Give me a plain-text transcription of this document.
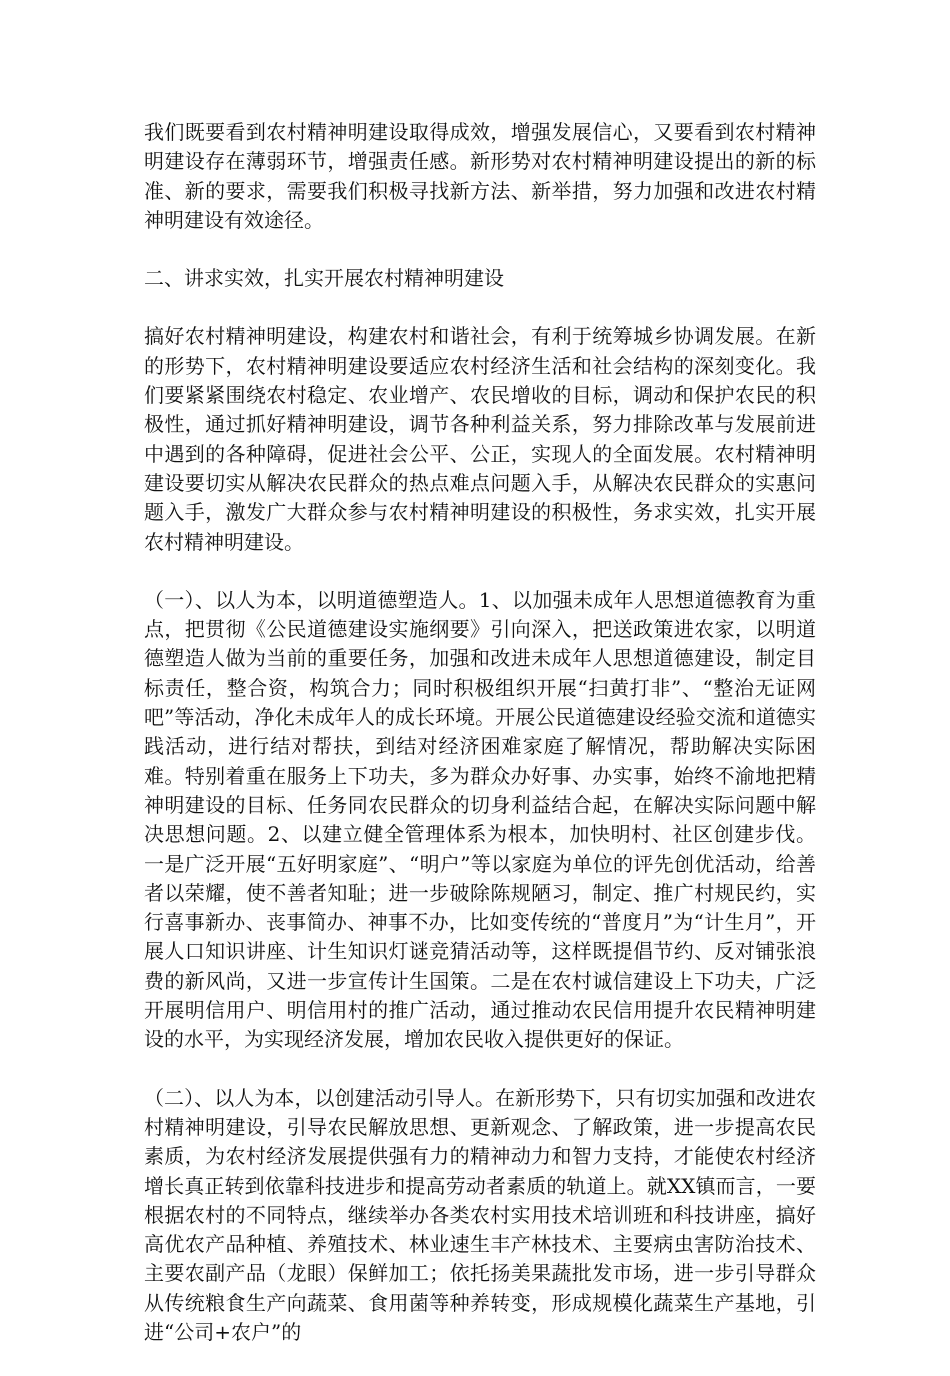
我们既要看到农村精神明建设取得成效，增强发展信心，又要看到农村精神明建设存在薄弱环节，增强责任感。新形势对农村精神明建设提出的新的标准、新的要求，需要我们积极寻找新方法、新举措，努力加强和改进农村精神明建设有效途径。

二、讲求实效，扎实开展农村精神明建设

搞好农村精神明建设，构建农村和谐社会，有利于统筹城乡协调发展。在新的形势下，农村精神明建设要适应农村经济生活和社会结构的深刻变化。我们要紧紧围绕农村稳定、农业增产、农民增收的目标，调动和保护农民的积极性，通过抓好精神明建设，调节各种利益关系，努力排除改革与发展前进中遇到的各种障碍，促进社会公平、公正，实现人的全面发展。农村精神明建设要切实从解决农民群众的热点难点问题入手，从解决农民群众的实惠问题入手，激发广大群众参与农村精神明建设的积极性，务求实效，扎实开展农村精神明建设。

（一）、以人为本，以明道德塑造人。1、以加强未成年人思想道德教育为重点，把贯彻《公民道德建设实施纲要》引向深入，把送政策进农家，以明道德塑造人做为当前的重要任务，加强和改进未成年人思想道德建设，制定目标责任，整合资，构筑合力；同时积极组织开展“扫黄打非”、“整治无证网吧”等活动，净化未成年人的成长环境。开展公民道德建设经验交流和道德实践活动，进行结对帮扶，到结对经济困难家庭了解情况，帮助解决实际困难。特别着重在服务上下功夫，多为群众办好事、办实事，始终不渝地把精神明建设的目标、任务同农民群众的切身利益结合起，在解决实际问题中解决思想问题。2、以建立健全管理体系为根本，加快明村、社区创建步伐。一是广泛开展“五好明家庭”、“明户”等以家庭为单位的评先创优活动，给善者以荣耀，使不善者知耻；进一步破除陈规陋习，制定、推广村规民约，实行喜事新办、丧事简办、神事不办，比如变传统的“普度月”为“计生月”，开展人口知识讲座、计生知识灯谜竞猜活动等，这样既提倡节约、反对铺张浪费的新风尚，又进一步宣传计生国策。二是在农村诚信建设上下功夫，广泛开展明信用户、明信用村的推广活动，通过推动农民信用提升农民精神明建设的水平，为实现经济发展，增加农民收入提供更好的保证。

（二）、以人为本，以创建活动引导人。在新形势下，只有切实加强和改进农村精神明建设，引导农民解放思想、更新观念、了解政策，进一步提高农民素质，为农村经济发展提供强有力的精神动力和智力支持，才能使农村经济增长真正转到依靠科技进步和提高劳动者素质的轨道上。就XX镇而言，一要根据农村的不同特点，继续举办各类农村实用技术培训班和科技讲座，搞好高优农产品种植、养殖技术、林业速生丰产林技术、主要病虫害防治技术、主要农副产品（龙眼）保鲜加工；依托扬美果蔬批发市场，进一步引导群众从传统粮食生产向蔬菜、食用菌等种养转变，形成规模化蔬菜生产基地，引进“公司+农户”的
